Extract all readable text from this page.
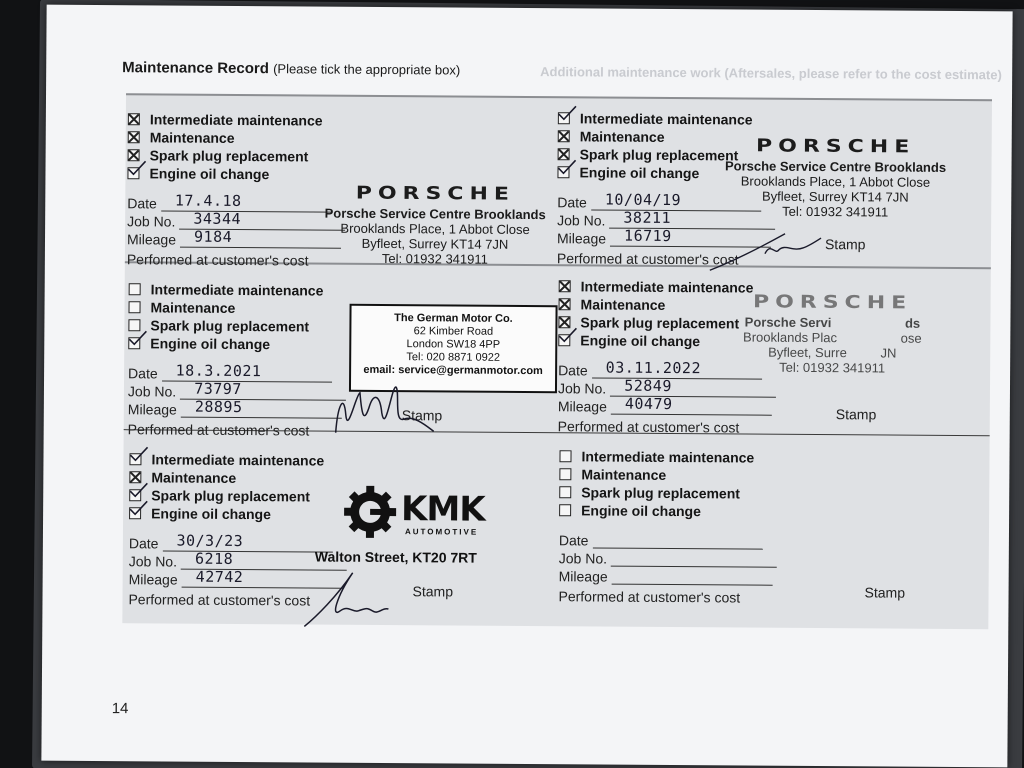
Additional maintenance work (Aftersales, please refer to the cost estimate)
Maintenance Record (Please tick the appropriate box)
Intermediate maintenance
Maintenance
Spark plug replacement
Engine oil change
Date 17.4.18
Job No. 34344
Mileage 9184
Performed at customer's cost
Intermediate maintenance
Maintenance
Spark plug replacement
Engine oil change
Date 10/04/19
Job No. 38211
Mileage 16719
Performed at customer's cost
Intermediate maintenance
Maintenance
Spark plug replacement
Engine oil change
Date 18.3.2021
Job No. 73797
Mileage 28895
Performed at customer's cost
Intermediate maintenance
Maintenance
Spark plug replacement
Engine oil change
Date 03.11.2022
Job No. 52849
Mileage 40479
Performed at customer's cost
Intermediate maintenance
Maintenance
Spark plug replacement
Engine oil change
Date 30/3/23
Job No. 6218
Mileage 42742
Performed at customer's cost
Intermediate maintenance
Maintenance
Spark plug replacement
Engine oil change
Date
Job No.
Mileage
Performed at customer's cost
Stamp
Stamp	Stamp
Stamp	Stamp
PORSCHE
Porsche Service Centre Brooklands
Brooklands Place, 1 Abbot Close
Byfleet, Surrey KT14 7JN
Tel: 01932 341911
PORSCHE
Porsche Service Centre Brooklands
Brooklands Place, 1 Abbot Close
Byfleet, Surrey KT14 7JN
Tel: 01932 341911
PORSCHE
Porsche Servi	ds
Brooklands Plac	ose
Byfleet, Surre	JN
Tel: 01932 341911
The German Motor Co.
62 Kimber Road
London SW18 4PP
Tel: 020 8871 0922
email: service@germanmotor.com
KMK
AUTOMOTIVE
Walton Street, KT20 7RT
14
